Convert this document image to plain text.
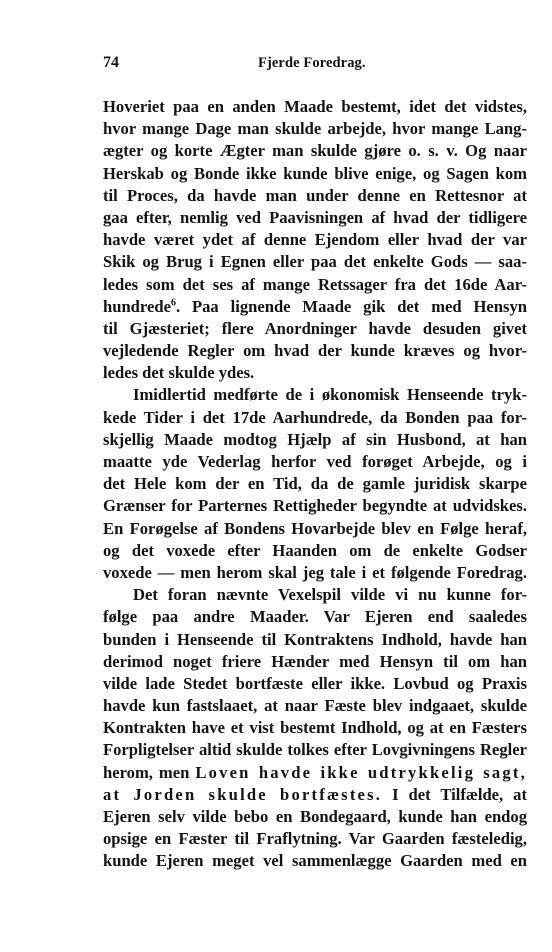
74	Fjerde Foredrag.
Hoveriet paa en anden Maade bestemt, idet det vidstes,
hvor mange Dage man skulde arbejde, hvor mange Lang-
ægter og korte Ægter man skulde gjøre o. s. v. Og naar
Herskab og Bonde ikke kunde blive enige, og Sagen kom
til Proces, da havde man under denne en Rettesnor at
gaa efter, nemlig ved Paavisningen af hvad der tidligere
havde været ydet af denne Ejendom eller hvad der var
Skik og Brug i Egnen eller paa det enkelte Gods — saa-
ledes som det ses af mange Retssager fra det 16de Aar-
hundrede$^6$. Paa lignende Maade gik det med Hensyn
til Gjæsteriet; flere Anordninger havde desuden givet
vejledende Regler om hvad der kunde kræves og hvor-
ledes det skulde ydes.
Imidlertid medførte de i økonomisk Henseende tryk-
kede Tider i det 17de Aarhundrede, da Bonden paa for-
skjellig Maade modtog Hjælp af sin Husbond, at han
maatte yde Vederlag herfor ved forøget Arbejde, og i
det Hele kom der en Tid, da de gamle juridisk skarpe
Grænser for Parternes Rettigheder begyndte at udvidskes.
En Forøgelse af Bondens Hovarbejde blev en Følge heraf,
og det voxede efter Haanden om de enkelte Godser
voxede — men herom skal jeg tale i et følgende Foredrag.
Det foran nævnte Vexelspil vilde vi nu kunne for-
følge paa andre Maader. Var Ejeren end saaledes
bunden i Henseende til Kontraktens Indhold, havde han
derimod noget friere Hænder med Hensyn til om han
vilde lade Stedet bortfæste eller ikke. Lovbud og Praxis
havde kun fastslaaet, at naar Fæste blev indgaaet, skulde
Kontrakten have et vist bestemt Indhold, og at en Fæsters
Forpligtelser altid skulde tolkes efter Lovgivningens Regler
herom, men Loven havde ikke udtrykkelig sagt,
at Jorden skulde bortfæstes. I det Tilfælde, at
Ejeren selv vilde bebo en Bondegaard, kunde han endog
opsige en Fæster til Fraflytning. Var Gaarden fæsteledig,
kunde Ejeren meget vel sammenlægge Gaarden med en
